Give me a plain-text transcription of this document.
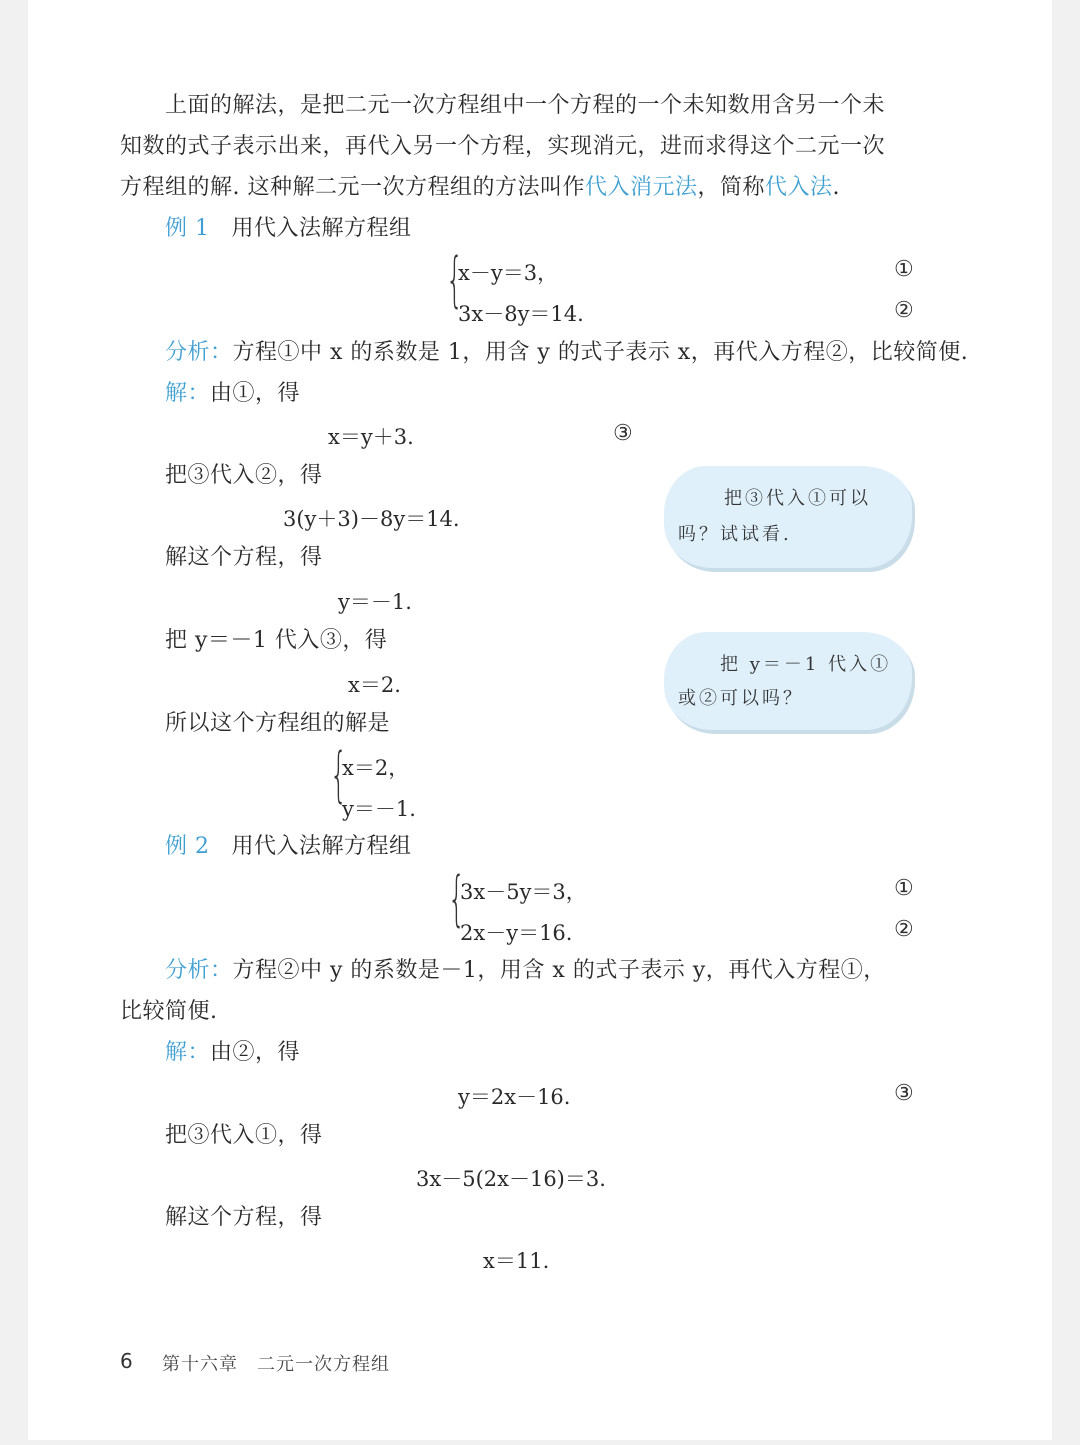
上面的解法，是把二元一次方程组中一个方程的一个未知数用含另一个未
知数的式子表示出来，再代入另一个方程，实现消元，进而求得这个二元一次
方程组的解. 这种解二元一次方程组的方法叫作代入消元法，简称代入法.
例 1 用代入法解方程组
{
x－y＝3，	①
3x－8y＝14.	②
分析：方程①中 x 的系数是 1，用含 y 的式子表示 x，再代入方程②，比较简便.
解：由①，得
x＝y＋3.	③
把③代入②，得
3(y＋3)－8y＝14.
解这个方程，得
y＝－1.
把 y＝－1 代入③，得
x＝2.
所以这个方程组的解是
{
x＝2，
y＝－1.
把③代入①可以
吗？试试看.
把 y＝－1 代入①
或②可以吗？
例 2 用代入法解方程组
{
3x－5y＝3，	①
2x－y＝16.	②
分析：方程②中 y 的系数是－1，用含 x 的式子表示 y，再代入方程①，
比较简便.
解：由②，得
y＝2x－16.	③
把③代入①，得
3x－5(2x－16)＝3.
解这个方程，得
x＝11.
6 第十六章　二元一次方程组
